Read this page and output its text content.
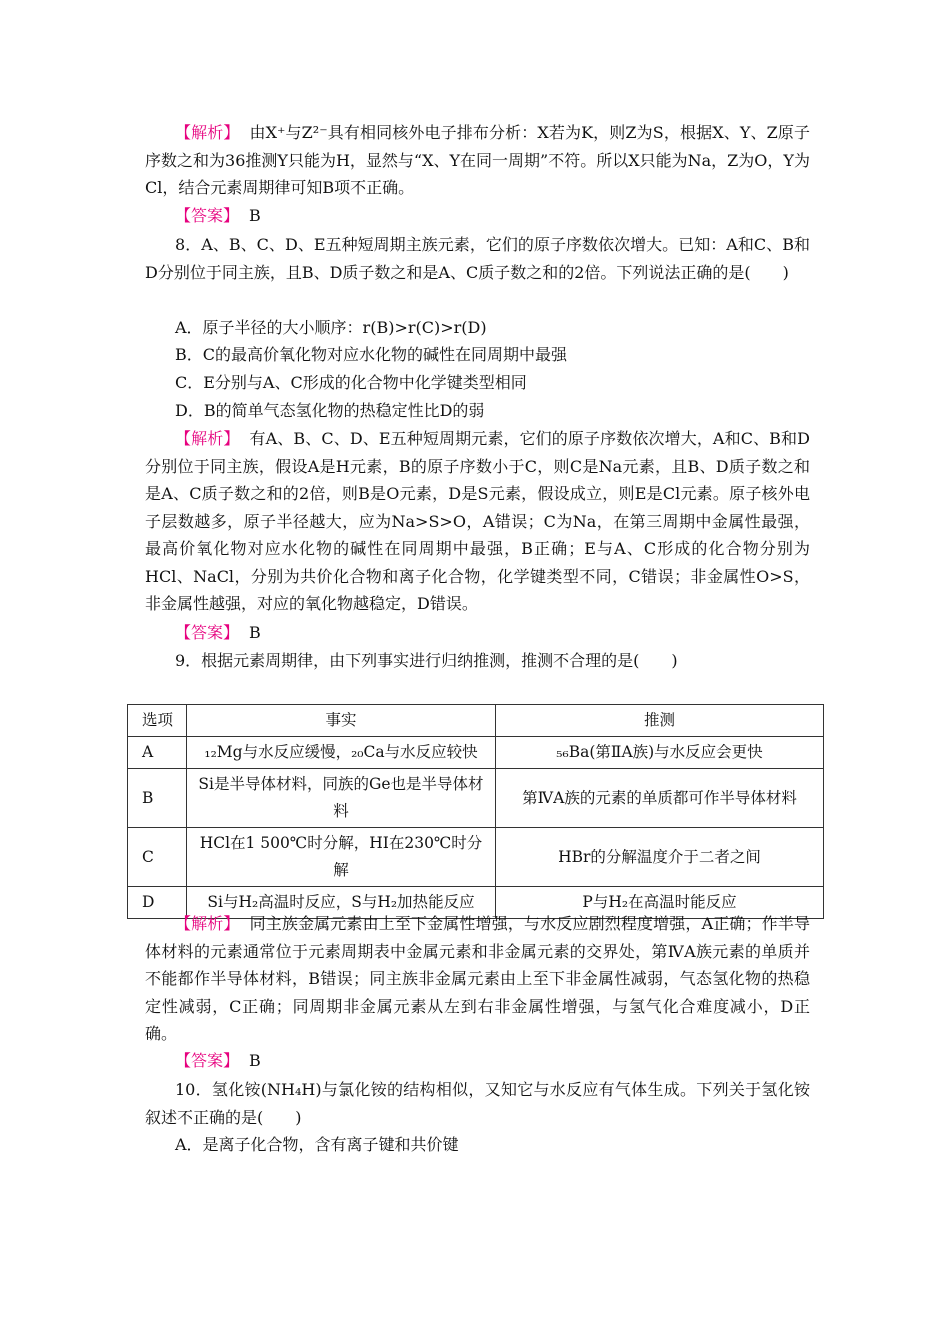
【解析】 由X⁺与Z²⁻具有相同核外电子排布分析：X若为K，则Z为S，根据X、Y、Z原子序数之和为36推测Y只能为H，显然与“X、Y在同一周期”不符。所以X只能为Na，Z为O，Y为Cl，结合元素周期律可知B项不正确。
【答案】 B
8．A、B、C、D、E五种短周期主族元素，它们的原子序数依次增大。已知：A和C、B和D分别位于同主族，且B、D质子数之和是A、C质子数之和的2倍。下列说法正确的是(　　)
A．原子半径的大小顺序：r(B)>r(C)>r(D)
B．C的最高价氧化物对应水化物的碱性在同周期中最强
C．E分别与A、C形成的化合物中化学键类型相同
D．B的简单气态氢化物的热稳定性比D的弱
【解析】 有A、B、C、D、E五种短周期元素，它们的原子序数依次增大，A和C、B和D分别位于同主族，假设A是H元素，B的原子序数小于C，则C是Na元素，且B、D质子数之和是A、C质子数之和的2倍，则B是O元素，D是S元素，假设成立，则E是Cl元素。原子核外电子层数越多，原子半径越大，应为Na>S>O，A错误；C为Na，在第三周期中金属性最强，最高价氧化物对应水化物的碱性在同周期中最强，B正确；E与A、C形成的化合物分别为HCl、NaCl，分别为共价化合物和离子化合物，化学键类型不同，C错误；非金属性O>S，非金属性越强，对应的氧化物越稳定，D错误。
【答案】 B
9．根据元素周期律，由下列事实进行归纳推测，推测不合理的是(　　)
选项	事实	推测
A	₁₂Mg与水反应缓慢，₂₀Ca与水反应较快	₅₆Ba(第ⅡA族)与水反应会更快
B	Si是半导体材料，同族的Ge也是半导体材料	第ⅣA族的元素的单质都可作半导体材料
C	HCl在1 500℃时分解，HI在230℃时分解	HBr的分解温度介于二者之间
D	Si与H₂高温时反应，S与H₂加热能反应	P与H₂在高温时能反应
【解析】 同主族金属元素由上至下金属性增强，与水反应剧烈程度增强，A正确；作半导体材料的元素通常位于元素周期表中金属元素和非金属元素的交界处，第ⅣA族元素的单质并不能都作半导体材料，B错误；同主族非金属元素由上至下非金属性减弱，气态氢化物的热稳定性减弱，C正确；同周期非金属元素从左到右非金属性增强，与氢气化合难度减小，D正确。
【答案】 B
10．氢化铵(NH₄H)与氯化铵的结构相似，又知它与水反应有气体生成。下列关于氢化铵叙述不正确的是(　　)
A．是离子化合物，含有离子键和共价键
